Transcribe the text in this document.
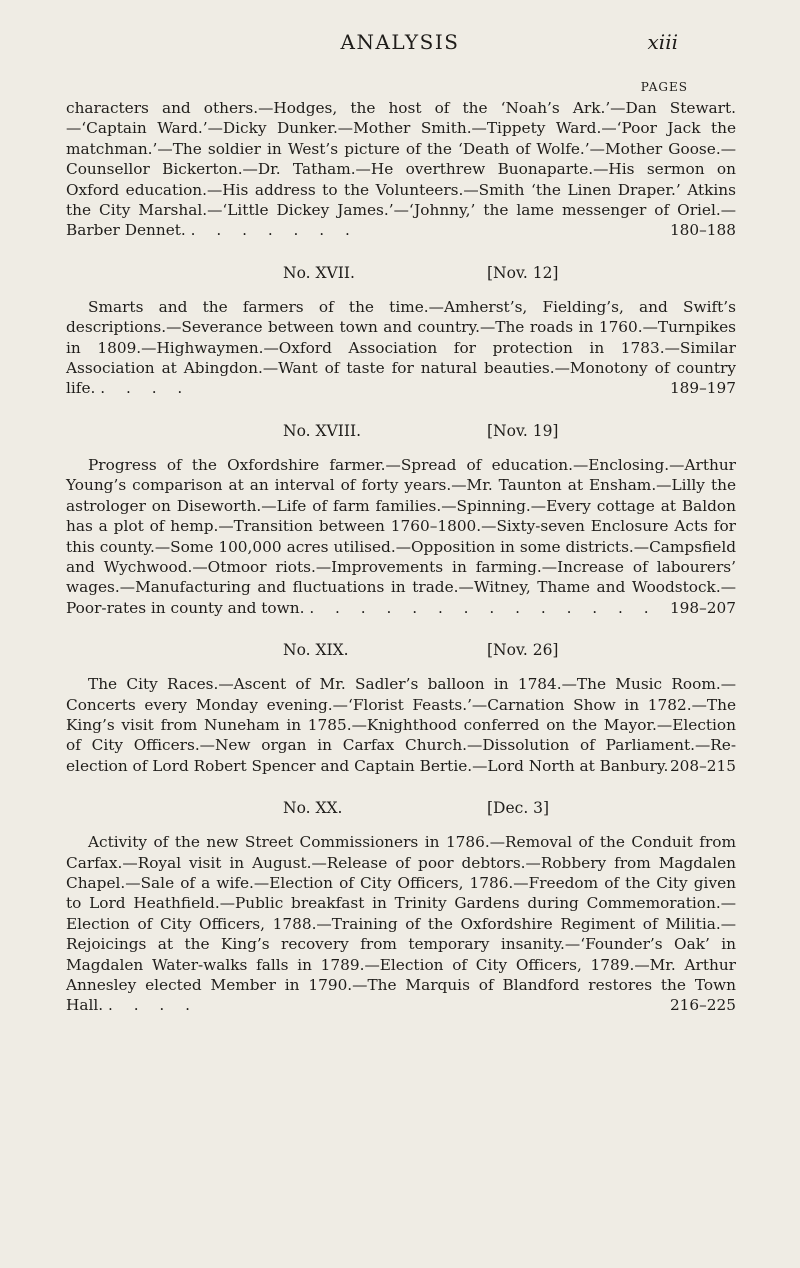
ANALYSIS	xiii
PAGES

characters and others.—Hodges, the host of the ‘Noah’s Ark.’—Dan Stewart.—‘Captain Ward.’—Dicky Dunker.—Mother Smith.—Tippety Ward.—‘Poor Jack the matchman.’—The soldier in West’s picture of the ‘Death of Wolfe.’—Mother Goose.—Counsellor Bickerton.—Dr. Tatham.—He overthrew Buonaparte.—His sermon on Oxford education.—His address to the Volunteers.—Smith ‘the Linen Draper.’ Atkins the City Marshal.—‘Little Dickey James.’—‘Johnny,’ the lame messenger of Oriel.—Barber Dennet. . . . . . . .	180–188

No. XVII.	[Nov. 12]

Smarts and the farmers of the time.—Amherst’s, Fielding’s, and Swift’s descriptions.—Severance between town and country.—The roads in 1760.—Turnpikes in 1809.—Highwaymen.—Oxford Association for protection in 1783.—Similar Association at Abingdon.—Want of taste for natural beauties.—Monotony of country life. . . . .	189–197

No. XVIII.	[Nov. 19]

Progress of the Oxfordshire farmer.—Spread of education.—Enclosing.—Arthur Young’s comparison at an interval of forty years.—Mr. Taunton at Ensham.—Lilly the astrologer on Diseworth.—Life of farm families.—Spinning.—Every cottage at Baldon has a plot of hemp.—Transition between 1760–1800.—Sixty-seven Enclosure Acts for this county.—Some 100,000 acres utilised.—Opposition in some districts.—Campsfield and Wychwood.—Otmoor riots.—Improvements in farming.—Increase of labourers’ wages.—Manufacturing and fluctuations in trade.—Witney, Thame and Woodstock.—Poor-rates in county and town. . . . . . . . . . . . . . . 198–207

No. XIX.	[Nov. 26]

The City Races.—Ascent of Mr. Sadler’s balloon in 1784.—The Music Room.—Concerts every Monday evening.—‘Florist Feasts.’—Carnation Show in 1782.—The King’s visit from Nuneham in 1785.—Knighthood conferred on the Mayor.—Election of City Officers.—New organ in Carfax Church.—Dissolution of Parliament.—Re-election of Lord Robert Spencer and Captain Bertie.—Lord North at Banbury. 208–215

No. XX.	[Dec. 3]

Activity of the new Street Commissioners in 1786.—Removal of the Conduit from Carfax.—Royal visit in August.—Release of poor debtors.—Robbery from Magdalen Chapel.—Sale of a wife.—Election of City Officers, 1786.—Freedom of the City given to Lord Heathfield.—Public breakfast in Trinity Gardens during Commemoration.—Election of City Officers, 1788.—Training of the Oxfordshire Regiment of Militia.—Rejoicings at the King’s recovery from temporary insanity.—‘Founder’s Oak’ in Magdalen Water-walks falls in 1789.—Election of City Officers, 1789.—Mr. Arthur Annesley elected Member in 1790.—The Marquis of Blandford restores the Town Hall. . . . .	216–225
